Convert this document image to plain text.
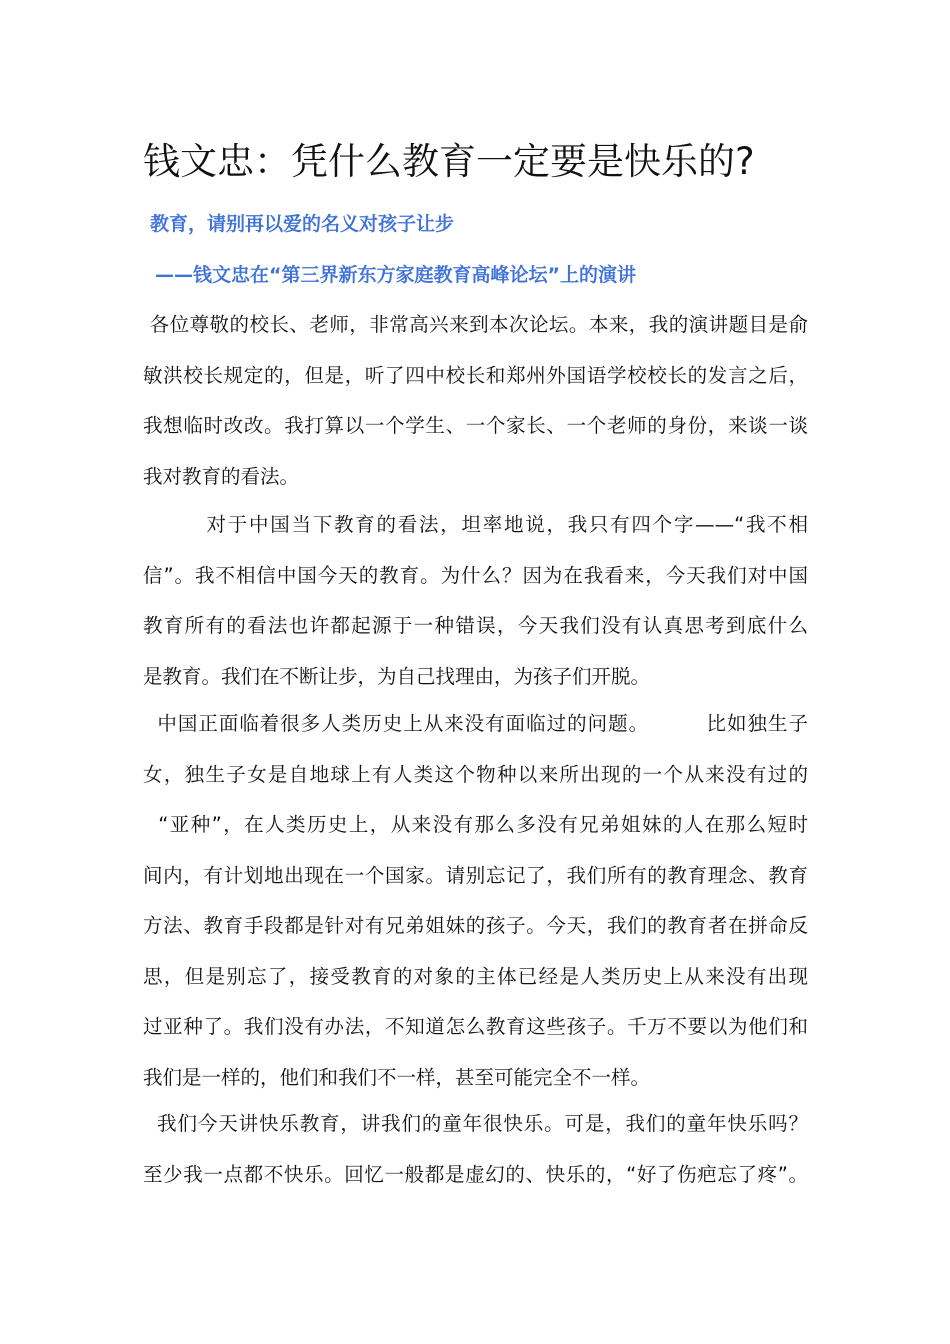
钱文忠：凭什么教育一定要是快乐的?
教育，请别再以爱的名义对孩子让步
——钱文忠在“第三界新东方家庭教育高峰论坛”上的演讲

各位尊敬的校长、老师，非常高兴来到本次论坛。本来，我的演讲题目是俞
敏洪校长规定的，但是，听了四中校长和郑州外国语学校校长的发言之后，
我想临时改改。我打算以一个学生、一个家长、一个老师的身份，来谈一谈
我对教育的看法。

对于中国当下教育的看法，坦率地说，我只有四个字——“我不相
信”。我不相信中国今天的教育。为什么？因为在我看来，今天我们对中国
教育所有的看法也许都起源于一种错误，今天我们没有认真思考到底什么
是教育。我们在不断让步，为自己找理由，为孩子们开脱。

中国正面临着很多人类历史上从来没有面临过的问题。        比如独生子
女，独生子女是自地球上有人类这个物种以来所出现的一个从来没有过的
“亚种”，在人类历史上，从来没有那么多没有兄弟姐妹的人在那么短时
间内，有计划地出现在一个国家。请别忘记了，我们所有的教育理念、教育
方法、教育手段都是针对有兄弟姐妹的孩子。今天，我们的教育者在拼命反
思，但是别忘了，接受教育的对象的主体已经是人类历史上从来没有出现
过亚种了。我们没有办法，不知道怎么教育这些孩子。千万不要以为他们和
我们是一样的，他们和我们不一样，甚至可能完全不一样。

我们今天讲快乐教育，讲我们的童年很快乐。可是，我们的童年快乐吗？
至少我一点都不快乐。回忆一般都是虚幻的、快乐的，“好了伤疤忘了疼”。
